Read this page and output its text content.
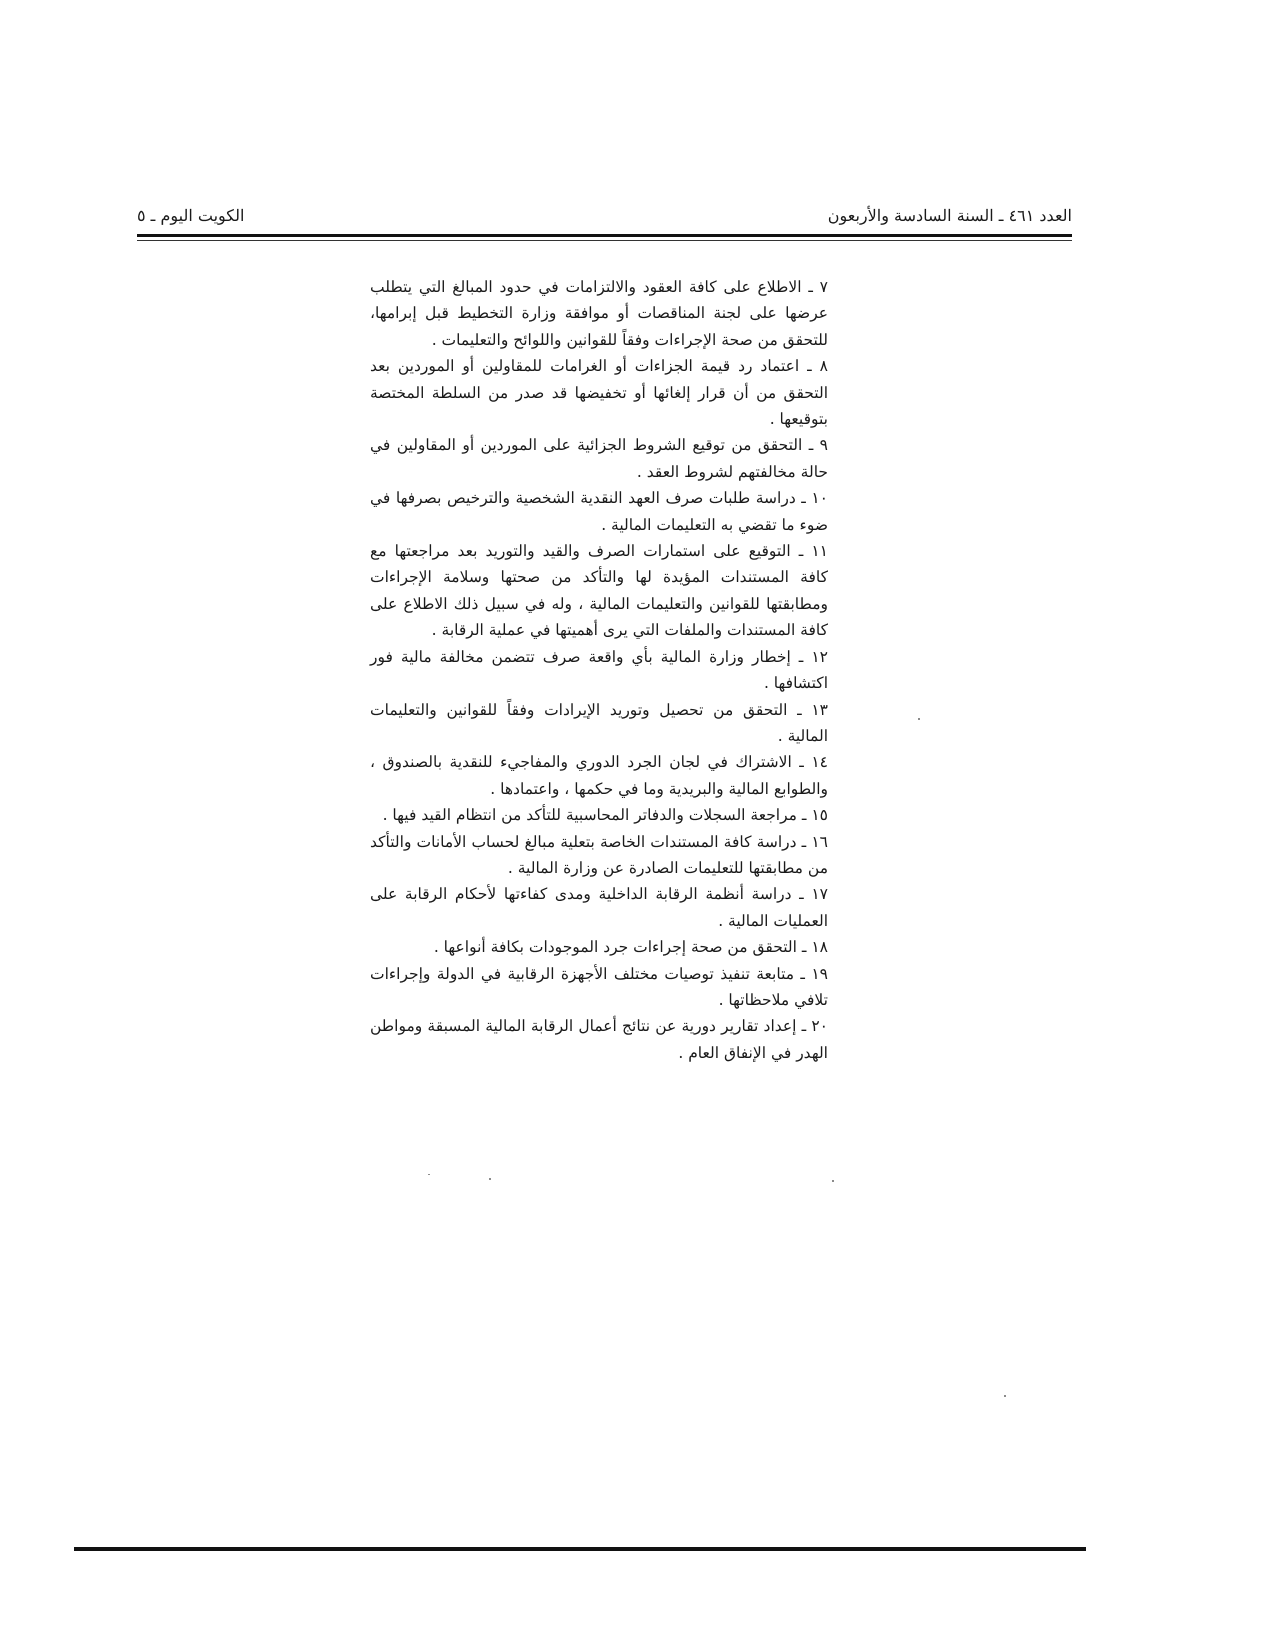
العدد ٤٦١ ـ السنة السادسة والأربعون
الكويت اليوم ـ ٥

٧ ـ الاطلاع على كافة العقود والالتزامات في حدود المبالغ التي يتطلب عرضها على لجنة المناقصات أو موافقة وزارة التخطيط قبل إبرامها، للتحقق من صحة الإجراءات وفقاً للقوانين واللوائح والتعليمات .

٨ ـ اعتماد رد قيمة الجزاءات أو الغرامات للمقاولين أو الموردين بعد التحقق من أن قرار إلغائها أو تخفيضها قد صدر من السلطة المختصة بتوقيعها .

٩ ـ التحقق من توقيع الشروط الجزائية على الموردين أو المقاولين في حالة مخالفتهم لشروط العقد .

١٠ ـ دراسة طلبات صرف العهد النقدية الشخصية والترخيص بصرفها في ضوء ما تقضي به التعليمات المالية .

١١ ـ التوقيع على استمارات الصرف والقيد والتوريد بعد مراجعتها مع كافة المستندات المؤيدة لها والتأكد من صحتها وسلامة الإجراءات ومطابقتها للقوانين والتعليمات المالية ، وله في سبيل ذلك الاطلاع على كافة المستندات والملفات التي يرى أهميتها في عملية الرقابة .

١٢ ـ إخطار وزارة المالية بأي واقعة صرف تتضمن مخالفة مالية فور اكتشافها .

١٣ ـ التحقق من تحصيل وتوريد الإيرادات وفقاً للقوانين والتعليمات المالية .

١٤ ـ الاشتراك في لجان الجرد الدوري والمفاجيء للنقدية بالصندوق ، والطوابع المالية والبريدية وما في حكمها ، واعتمادها .

١٥ ـ مراجعة السجلات والدفاتر المحاسبية للتأكد من انتظام القيد فيها .

١٦ ـ دراسة كافة المستندات الخاصة بتعلية مبالغ لحساب الأمانات والتأكد من مطابقتها للتعليمات الصادرة عن وزارة المالية .

١٧ ـ دراسة أنظمة الرقابة الداخلية ومدى كفاءتها لأحكام الرقابة على العمليات المالية .

١٨ ـ التحقق من صحة إجراءات جرد الموجودات بكافة أنواعها .

١٩ ـ متابعة تنفيذ توصيات مختلف الأجهزة الرقابية في الدولة وإجراءات تلافي ملاحظاتها .

٢٠ ـ إعداد تقارير دورية عن نتائج أعمال الرقابة المالية المسبقة ومواطن الهدر في الإنفاق العام .
